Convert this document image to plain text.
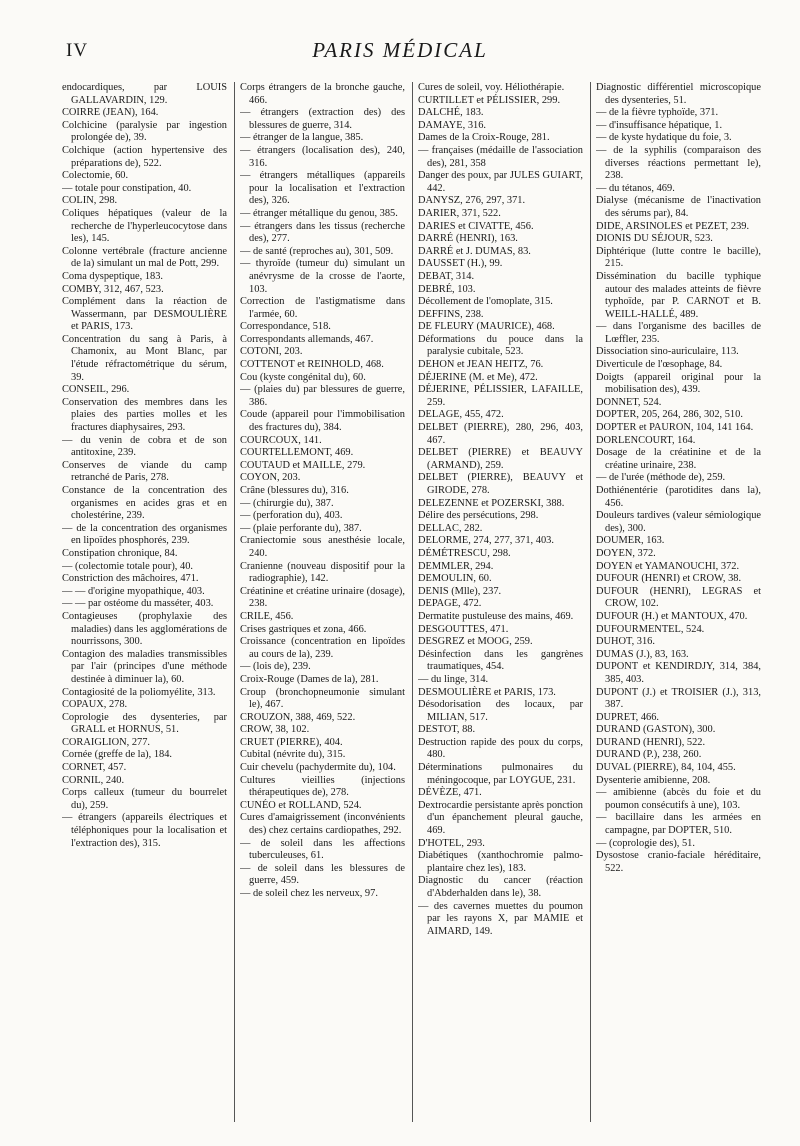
IV	PARIS MÉDICAL

endocardiques, par LOUIS GALLAVARDIN, 129.

COIRRE (JEAN), 164.

Colchicine (paralysie par ingestion prolongée de), 39.

Colchique (action hypertensive des préparations de), 522.

Colectomie, 60.

— totale pour constipation, 40.

COLIN, 298.

Coliques hépatiques (valeur de la recherche de l'hyperleucocytose dans les), 145.

Colonne vertébrale (fracture ancienne de la) simulant un mal de Pott, 299.

Coma dyspeptique, 183.

COMBY, 312, 467, 523.

Complément dans la réaction de Wassermann, par DESMOULIÈRE et PARIS, 173.

Concentration du sang à Paris, à Chamonix, au Mont Blanc, par l'étude réfractométrique du sérum, 39.

CONSEIL, 296.

Conservation des membres dans les plaies des parties molles et les fractures diaphysaires, 293.

— du venin de cobra et de son antitoxine, 239.

Conserves de viande du camp retranché de Paris, 278.

Constance de la concentration des organismes en acides gras et en cholestérine, 239.

— de la concentration des organismes en lipoïdes phosphorés, 239.

Constipation chronique, 84.

— (colectomie totale pour), 40.

Constriction des mâchoires, 471.

— — d'origine myopathique, 403.

— — par ostéome du masséter, 403.

Contagieuses (prophylaxie des maladies) dans les agglomérations de nourrissons, 300.

Contagion des maladies transmissibles par l'air (principes d'une méthode destinée à diminuer la), 60.

Contagiosité de la poliomyélite, 313.

COPAUX, 278.

Coprologie des dysenteries, par GRALL et HORNUS, 51.

CORAIGLION, 277.

Cornée (greffe de la), 184.

CORNET, 457.

CORNIL, 240.

Corps calleux (tumeur du bourrelet du), 259.

— étrangers (appareils électriques et téléphoniques pour la localisation et l'extraction des), 315.

Corps étrangers de la bronche gauche, 466.

— étrangers (extraction des) des blessures de guerre, 314.

— étranger de la langue, 385.

— étrangers (localisation des), 240, 316.

— étrangers métalliques (appareils pour la localisation et l'extraction des), 326.

— étranger métallique du genou, 385.

— étrangers dans les tissus (recherche des), 277.

— de santé (reproches au), 301, 509.

— thyroïde (tumeur du) simulant un anévrysme de la crosse de l'aorte, 103.

Correction de l'astigmatisme dans l'armée, 60.

Correspondance, 518.

Correspondants allemands, 467.

COTONI, 203.

COTTENOT et REINHOLD, 468.

Cou (kyste congénital du), 60.

— (plaies du) par blessures de guerre, 386.

Coude (appareil pour l'immobilisation des fractures du), 384.

COURCOUX, 141.

COURTELLEMONT, 469.

COUTAUD et MAILLE, 279.

COYON, 203.

Crâne (blessures du), 316.

— (chirurgie du), 387.

— (perforation du), 403.

— (plaie perforante du), 387.

Craniectomie sous anesthésie locale, 240.

Cranienne (nouveau dispositif pour la radiographie), 142.

Créatinine et créatine urinaire (dosage), 238.

CRILE, 456.

Crises gastriques et zona, 466.

Croissance (concentration en lipoïdes au cours de la), 239.

— (lois de), 239.

Croix-Rouge (Dames de la), 281.

Croup (bronchopneumonie simulant le), 467.

CROUZON, 388, 469, 522.

CROW, 38, 102.

CRUET (PIERRE), 404.

Cubital (névrite du), 315.

Cuir chevelu (pachydermite du), 104.

Cultures vieillies (injections thérapeutiques de), 278.

CUNÉO et ROLLAND, 524.

Cures d'amaigrissement (inconvénients des) chez certains cardiopathes, 292.

— de soleil dans les affections tuberculeuses, 61.

— de soleil dans les blessures de guerre, 459.

— de soleil chez les nerveux, 97.

Cures de soleil, voy. Héliothérapie.

CURTILLET et PÉLISSIER, 299.

DALCHÉ, 183.

DAMAYE, 316.

Dames de la Croix-Rouge, 281.

— françaises (médaille de l'association des), 281, 358

Danger des poux, par JULES GUIART, 442.

DANYSZ, 276, 297, 371.

DARIER, 371, 522.

DARIES et CIVATTE, 456.

DARRÉ (HENRI), 163.

DARRÉ et J. DUMAS, 83.

DAUSSET (H.), 99.

DEBAT, 314.

DEBRÉ, 103.

Décollement de l'omoplate, 315.

DEFFINS, 238.

DE FLEURY (MAURICE), 468.

Déformations du pouce dans la paralysie cubitale, 523.

DEHON et JEAN HEITZ, 76.

DÉJERINE (M. et Me), 472.

DÉJERINE, PÉLISSIER, LAFAILLE, 259.

DELAGE, 455, 472.

DELBET (PIERRE), 280, 296, 403, 467.

DELBET (PIERRE) et BEAUVY (ARMAND), 259.

DELBET (PIERRE), BEAUVY et GIRODE, 278.

DELEZENNE et POZERSKI, 388.

Délire des persécutions, 298.

DELLAC, 282.

DELORME, 274, 277, 371, 403.

DÉMÉTRESCU, 298.

DEMMLER, 294.

DEMOULIN, 60.

DENIS (Mlle), 237.

DEPAGE, 472.

Dermatite pustuleuse des mains, 469.

DESGOUTTES, 471.

DESGREZ et MOOG, 259.

Désinfection dans les gangrènes traumatiques, 454.

— du linge, 314.

DESMOULIÈRE et PARIS, 173.

Désodorisation des locaux, par MILIAN, 517.

DESTOT, 88.

Destruction rapide des poux du corps, 480.

Déterminations pulmonaires du méningocoque, par LOYGUE, 231.

DÉVÈZE, 471.

Dextrocardie persistante après ponction d'un épanchement pleural gauche, 469.

D'HOTEL, 293.

Diabétiques (xanthochromie palmo-plantaire chez les), 183.

Diagnostic du cancer (réaction d'Abderhalden dans le), 38.

— des cavernes muettes du poumon par les rayons X, par MAMIE et AIMARD, 149.

Diagnostic différentiel microscopique des dysenteries, 51.

— de la fièvre typhoïde, 371.

— d'insuffisance hépatique, 1.

— de kyste hydatique du foie, 3.

— de la syphilis (comparaison des diverses réactions permettant le), 238.

— du tétanos, 469.

Dialyse (mécanisme de l'inactivation des sérums par), 84.

DIDE, ARSINOLES et PEZET, 239.

DIONIS DU SÉJOUR, 523.

Diphtérique (lutte contre le bacille), 215.

Dissémination du bacille typhique autour des malades atteints de fièvre typhoïde, par P. CARNOT et B. WEILL-HALLÉ, 489.

— dans l'organisme des bacilles de Lœffler, 235.

Dissociation sino-auriculaire, 113.

Diverticule de l'œsophage, 84.

Doigts (appareil original pour la mobilisation des), 439.

DONNET, 524.

DOPTER, 205, 264, 286, 302, 510.

DOPTER et PAURON, 104, 141 164.

DORLENCOURT, 164.

Dosage de la créatinine et de la créatine urinaire, 238.

— de l'urée (méthode de), 259.

Dothiénentérie (parotidites dans la), 456.

Douleurs tardives (valeur sémiologique des), 300.

DOUMER, 163.

DOYEN, 372.

DOYEN et YAMANOUCHI, 372.

DUFOUR (HENRI) et CROW, 38.

DUFOUR (HENRI), LEGRAS et CROW, 102.

DUFOUR (H.) et MANTOUX, 470.

DUFOURMENTEL, 524.

DUHOT, 316.

DUMAS (J.), 83, 163.

DUPONT et KENDIRDJY, 314, 384, 385, 403.

DUPONT (J.) et TROISIER (J.), 313, 387.

DUPRET, 466.

DURAND (GASTON), 300.

DURAND (HENRI), 522.

DURAND (P.), 238, 260.

DUVAL (PIERRE), 84, 104, 455.

Dysenterie amibienne, 208.

— amibienne (abcès du foie et du poumon consécutifs à une), 103.

— bacillaire dans les armées en campagne, par DOPTER, 510.

— (coprologie des), 51.

Dysostose cranio-faciale héréditaire, 522.
